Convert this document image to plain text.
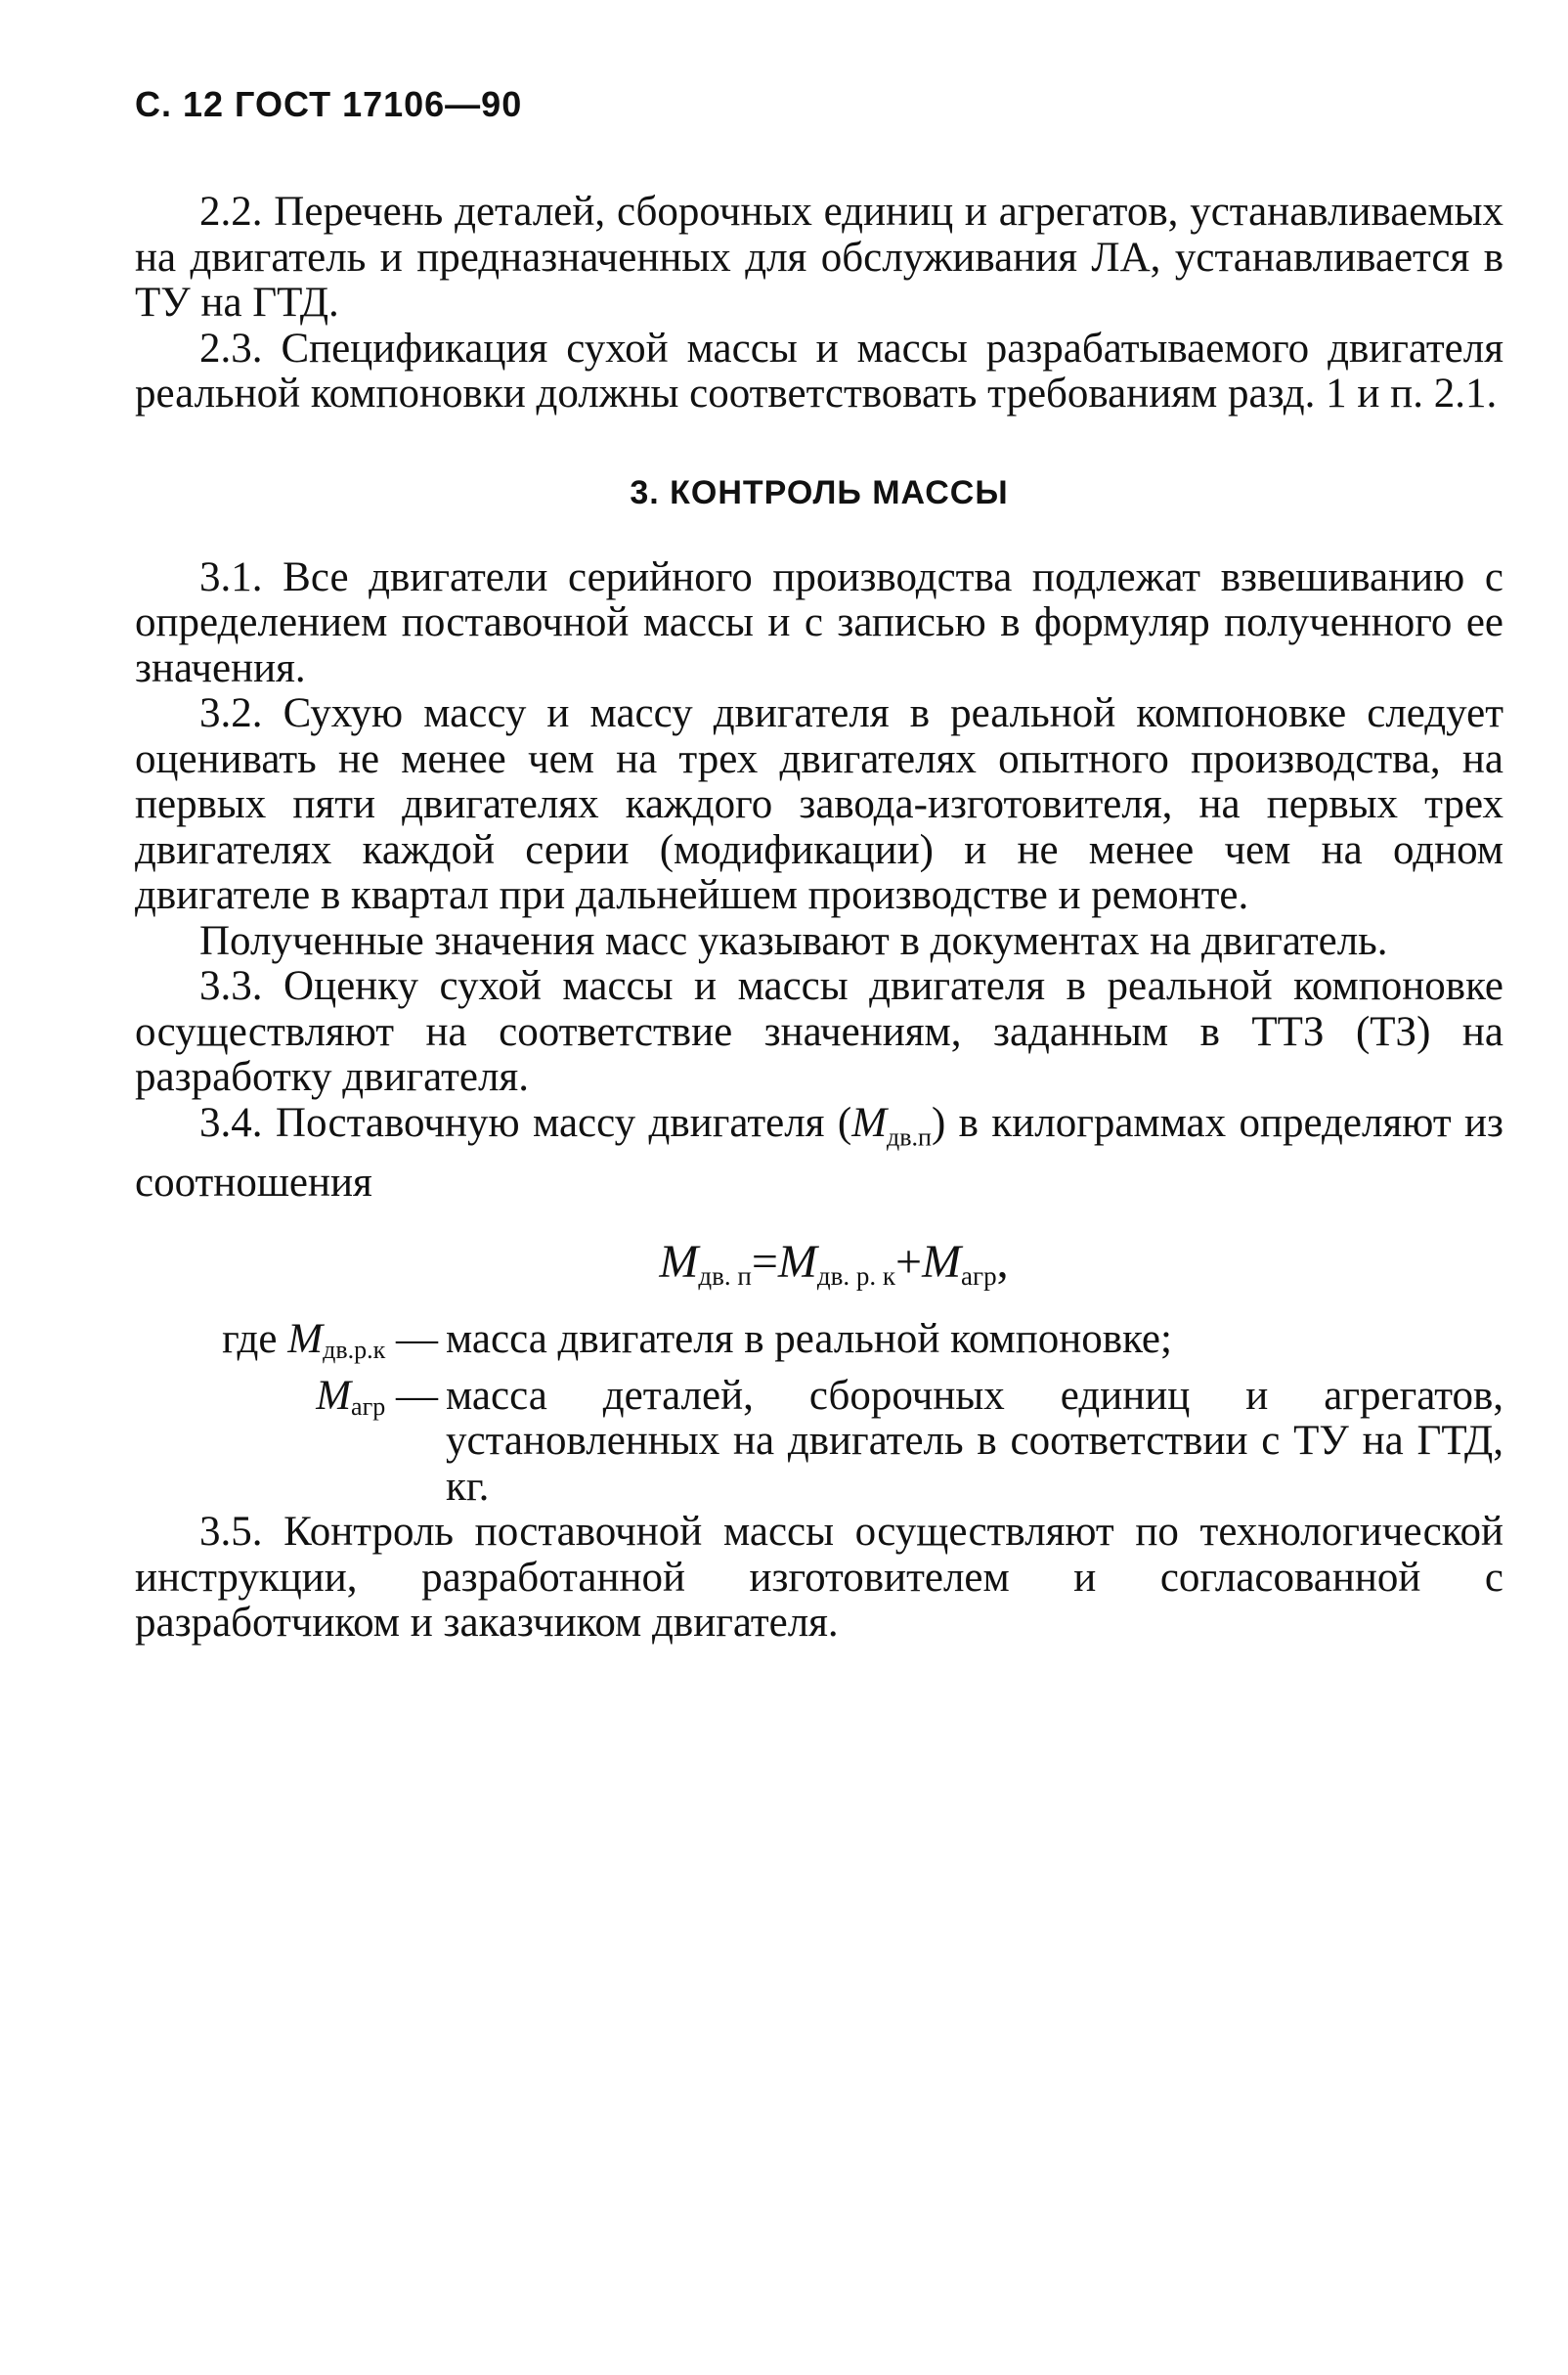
С. 12 ГОСТ 17106—90

2.2. Перечень деталей, сборочных единиц и агрегатов, устанавливаемых на двигатель и предназначенных для обслуживания ЛА, устанавливается в ТУ на ГТД.

2.3. Спецификация сухой массы и массы разрабатываемого двигателя реальной компоновки должны соответствовать требованиям разд. 1 и п. 2.1.

3. КОНТРОЛЬ МАССЫ

3.1. Все двигатели серийного производства подлежат взвешиванию с определением поставочной массы и с записью в формуляр полученного ее значения.

3.2. Сухую массу и массу двигателя в реальной компоновке следует оценивать не менее чем на трех двигателях опытного производства, на первых пяти двигателях каждого завода-изготовителя, на первых трех двигателях каждой серии (модификации) и не менее чем на одном двигателе в квартал при дальнейшем производстве и ремонте.

Полученные значения масс указывают в документах на двигатель.

3.3. Оценку сухой массы и массы двигателя в реальной компоновке осуществляют на соответствие значениям, заданным в ТТЗ (ТЗ) на разработку двигателя.

3.4. Поставочную массу двигателя $(M_{дв.п})$ в килограммах определяют из соотношения

$M_{дв. п}=M_{дв. р. к}+M_{агр}$,
где $M_{дв.р.к}$ — масса двигателя в реальной компоновке;
$M_{агр}$ — масса деталей, сборочных единиц и агрегатов, установленных на двигатель в соответствии с ТУ на ГТД, кг.

3.5. Контроль поставочной массы осуществляют по технологической инструкции, разработанной изготовителем и согласованной с разработчиком и заказчиком двигателя.
